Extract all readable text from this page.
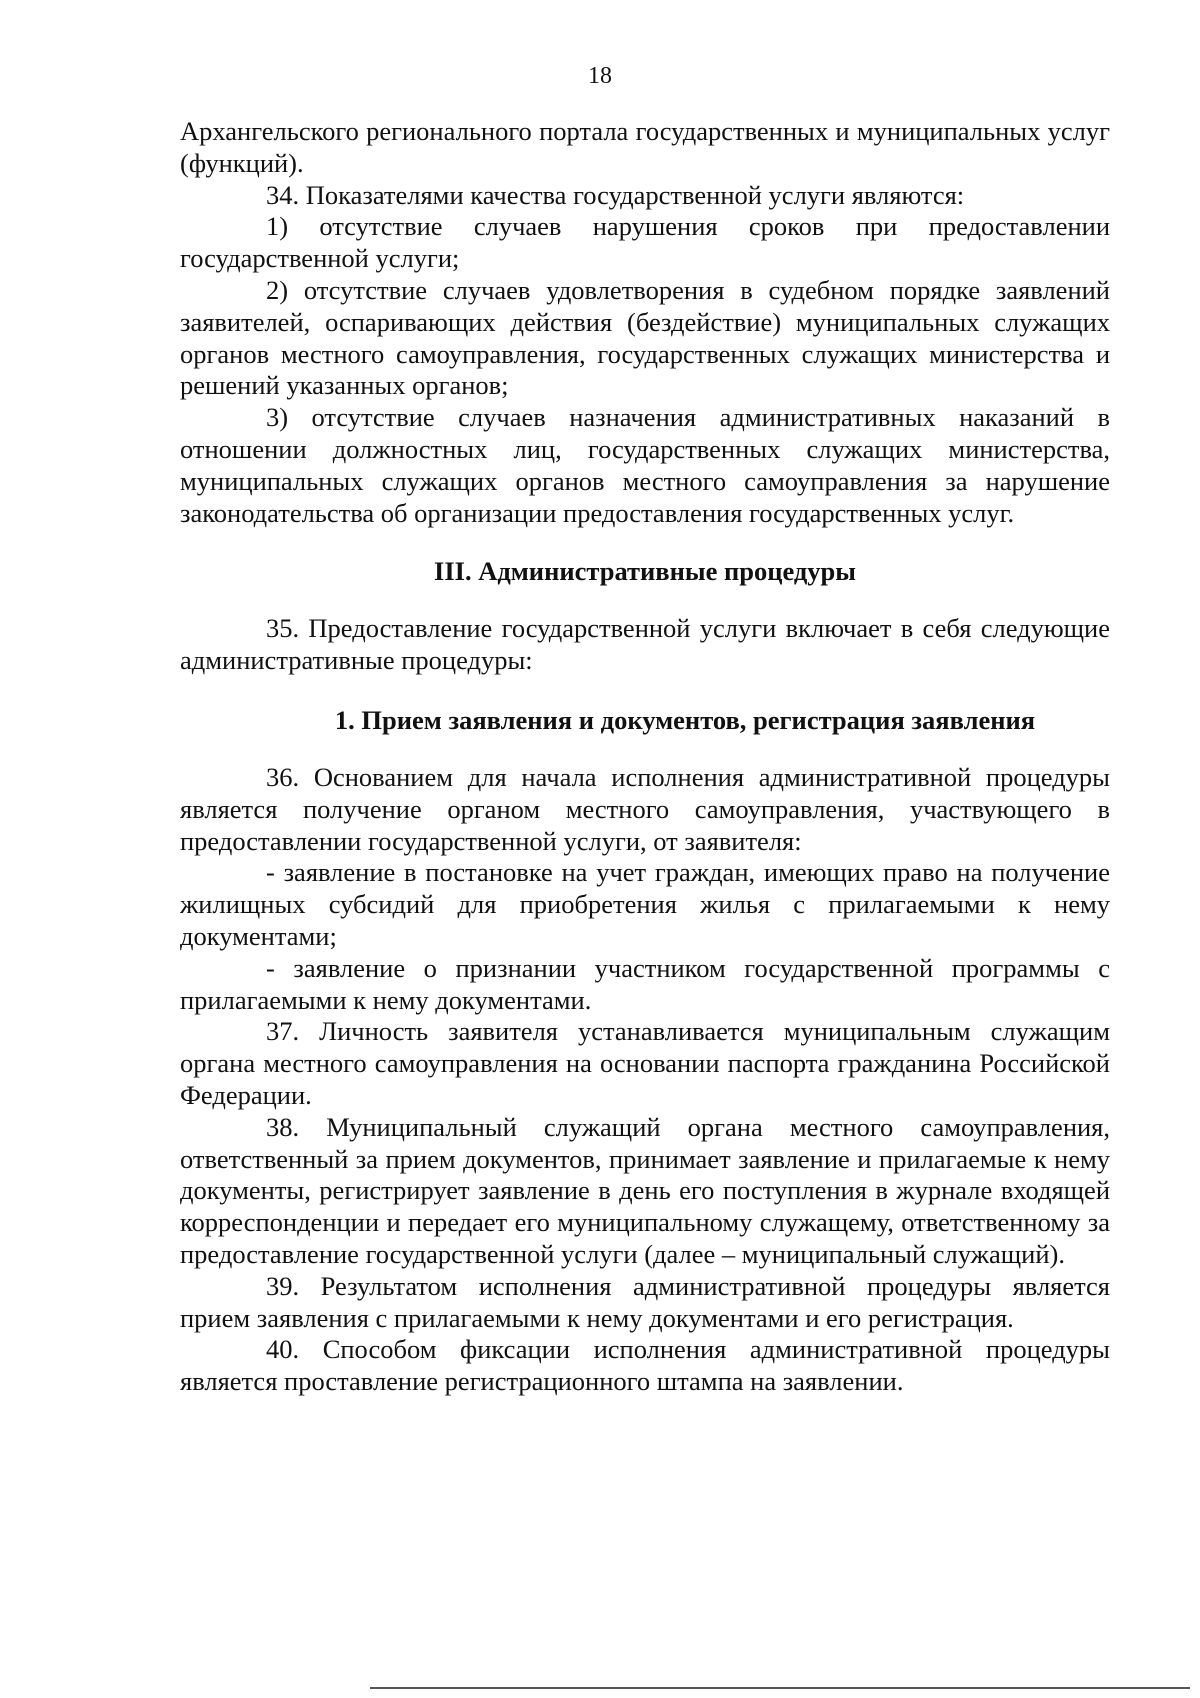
18

Архангельского регионального портала государственных и муниципальных услуг (функций).

34. Показателями качества государственной услуги являются:

1) отсутствие случаев нарушения сроков при предоставлении государственной услуги;

2) отсутствие случаев удовлетворения в судебном порядке заявлений заявителей, оспаривающих действия (бездействие) муниципальных служащих органов местного самоуправления, государственных служащих министерства и решений указанных органов;

3) отсутствие случаев назначения административных наказаний в отношении должностных лиц, государственных служащих министерства, муниципальных служащих органов местного самоуправления за нарушение законодательства об организации предоставления государственных услуг.

III. Административные процедуры

35. Предоставление государственной услуги включает в себя следующие административные процедуры:

1. Прием заявления и документов, регистрация заявления

36. Основанием для начала исполнения административной процедуры является получение органом местного самоуправления, участвующего в предоставлении государственной услуги, от заявителя:

- заявление в постановке на учет граждан, имеющих право на получение жилищных субсидий для приобретения жилья с прилагаемыми к нему документами;

- заявление о признании участником государственной программы с прилагаемыми к нему документами.

37. Личность заявителя устанавливается муниципальным служащим органа местного самоуправления на основании паспорта гражданина Российской Федерации.

38. Муниципальный служащий органа местного самоуправления, ответственный за прием документов, принимает заявление и прилагаемые к нему документы, регистрирует заявление в день его поступления в журнале входящей корреспонденции и передает его муниципальному служащему, ответственному за предоставление государственной услуги (далее – муниципальный служащий).

39. Результатом исполнения административной процедуры является прием заявления с прилагаемыми к нему документами и его регистрация.

40. Способом фиксации исполнения административной процедуры является проставление регистрационного штампа на заявлении.
